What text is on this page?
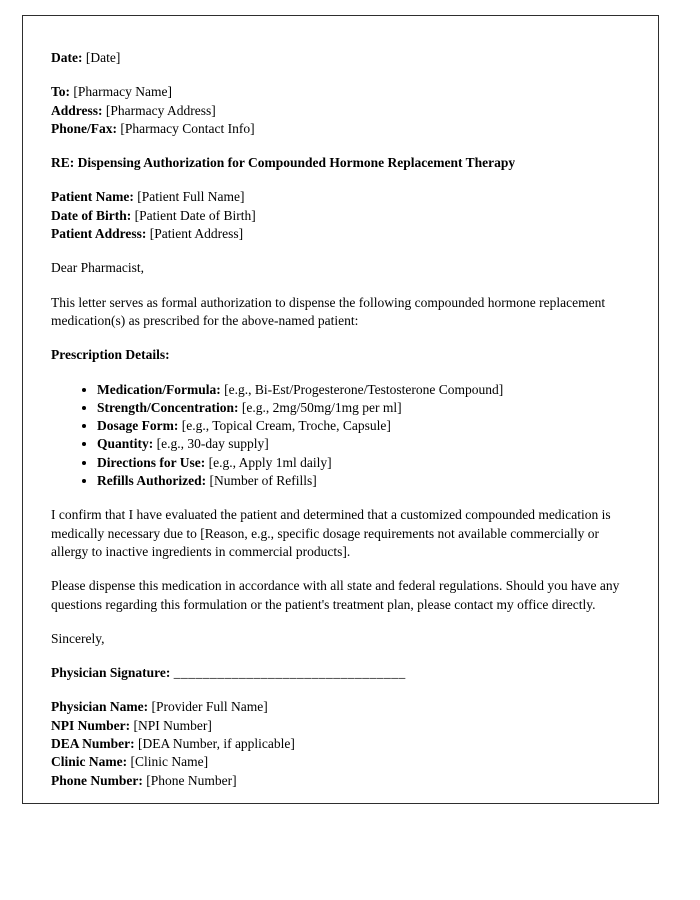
Date: [Date]
To: [Pharmacy Name]
Address: [Pharmacy Address]
Phone/Fax: [Pharmacy Contact Info]
RE: Dispensing Authorization for Compounded Hormone Replacement Therapy
Patient Name: [Patient Full Name]
Date of Birth: [Patient Date of Birth]
Patient Address: [Patient Address]
Dear Pharmacist,
This letter serves as formal authorization to dispense the following compounded hormone replacement medication(s) as prescribed for the above-named patient:
Prescription Details:
• Medication/Formula: [e.g., Bi-Est/Progesterone/Testosterone Compound]
• Strength/Concentration: [e.g., 2mg/50mg/1mg per ml]
• Dosage Form: [e.g., Topical Cream, Troche, Capsule]
• Quantity: [e.g., 30-day supply]
• Directions for Use: [e.g., Apply 1ml daily]
• Refills Authorized: [Number of Refills]
I confirm that I have evaluated the patient and determined that a customized compounded medication is medically necessary due to [Reason, e.g., specific dosage requirements not available commercially or allergy to inactive ingredients in commercial products].
Please dispense this medication in accordance with all state and federal regulations. Should you have any questions regarding this formulation or the patient's treatment plan, please contact my office directly.
Sincerely,
Physician Signature: ________________________________
Physician Name: [Provider Full Name]
NPI Number: [NPI Number]
DEA Number: [DEA Number, if applicable]
Clinic Name: [Clinic Name]
Phone Number: [Phone Number]
